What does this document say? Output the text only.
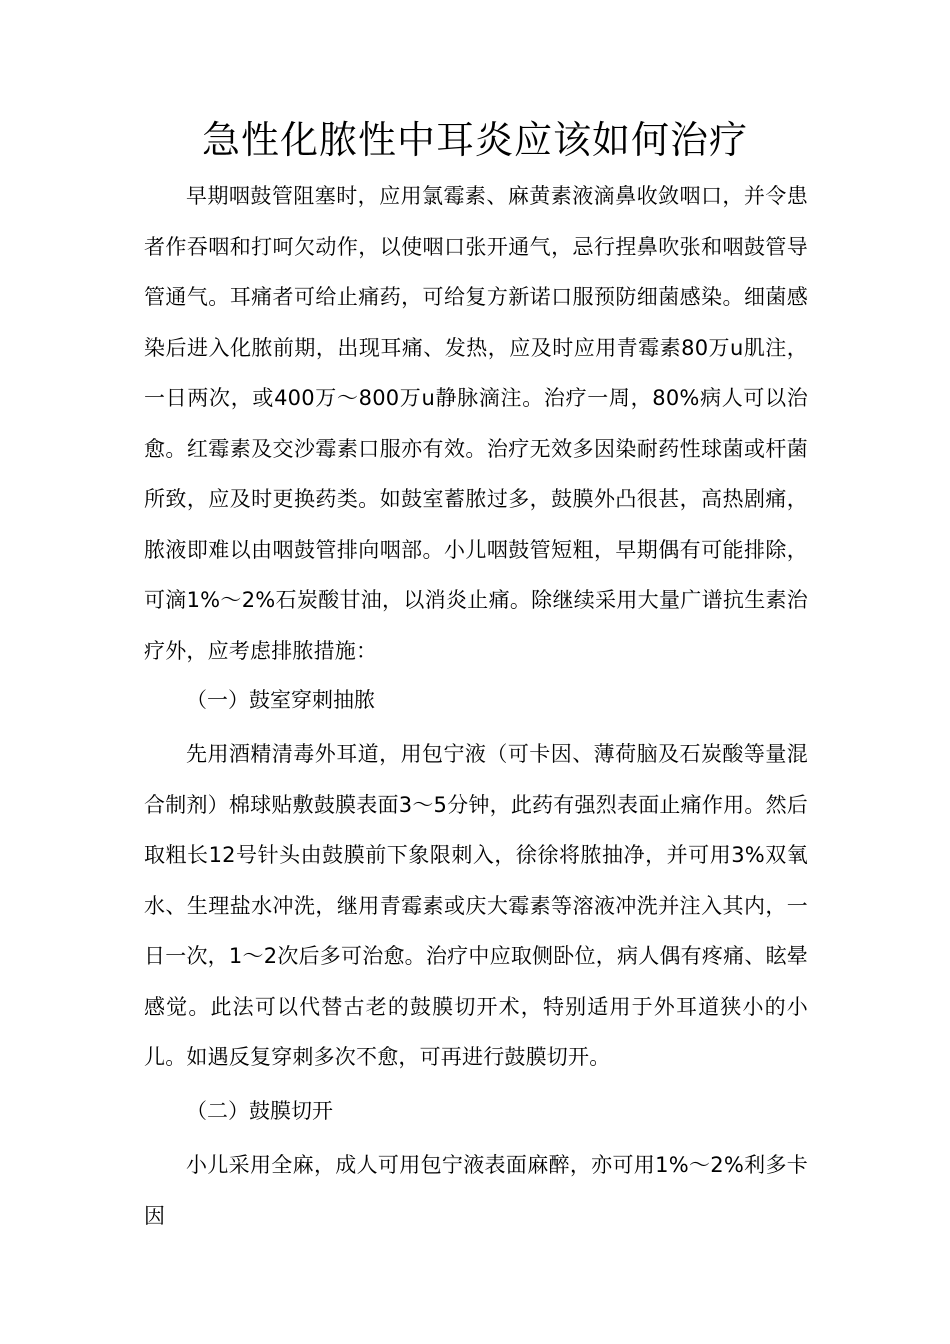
急性化脓性中耳炎应该如何治疗

早期咽鼓管阻塞时，应用氯霉素、麻黄素液滴鼻收敛咽口，并令患者作吞咽和打呵欠动作，以使咽口张开通气，忌行捏鼻吹张和咽鼓管导管通气。耳痛者可给止痛药，可给复方新诺口服预防细菌感染。细菌感染后进入化脓前期，出现耳痛、发热，应及时应用青霉素80万u肌注，一日两次，或400万～800万u静脉滴注。治疗一周，80%病人可以治愈。红霉素及交沙霉素口服亦有效。治疗无效多因染耐药性球菌或杆菌所致，应及时更换药类。如鼓室蓄脓过多，鼓膜外凸很甚，高热剧痛，脓液即难以由咽鼓管排向咽部。小儿咽鼓管短粗，早期偶有可能排除，可滴1%～2%石炭酸甘油，以消炎止痛。除继续采用大量广谱抗生素治疗外，应考虑排脓措施：

（一）鼓室穿刺抽脓

先用酒精清毒外耳道，用包宁液（可卡因、薄荷脑及石炭酸等量混合制剂）棉球贴敷鼓膜表面3～5分钟，此药有强烈表面止痛作用。然后取粗长12号针头由鼓膜前下象限刺入，徐徐将脓抽净，并可用3%双氧水、生理盐水冲洗，继用青霉素或庆大霉素等溶液冲洗并注入其内，一日一次，1～2次后多可治愈。治疗中应取侧卧位，病人偶有疼痛、眩晕感觉。此法可以代替古老的鼓膜切开术，特别适用于外耳道狭小的小儿。如遇反复穿刺多次不愈，可再进行鼓膜切开。

（二）鼓膜切开

小儿采用全麻，成人可用包宁液表面麻醉，亦可用1%～2%利多卡因
